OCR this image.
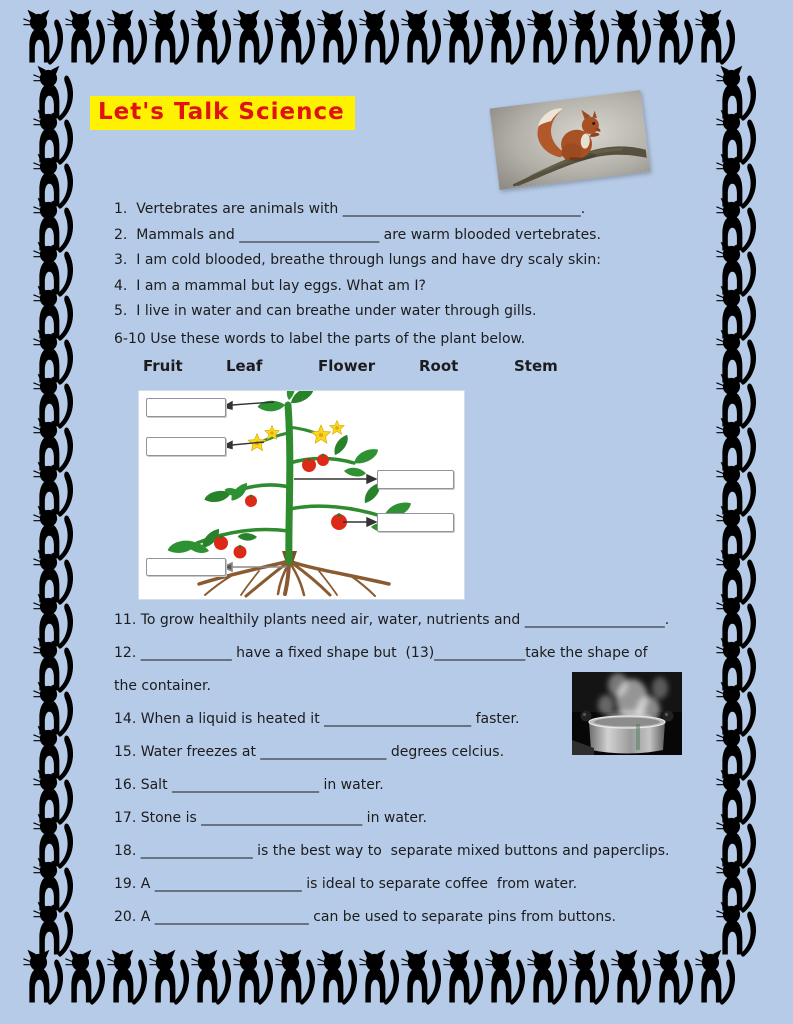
Let's Talk Science
1.  Vertebrates are animals with __________________________________.
2.  Mammals and ____________________ are warm blooded vertebrates.
3.  I am cold blooded, breathe through lungs and have dry scaly skin:
4.  I am a mammal but lay eggs. What am I?
5.  I live in water and can breathe under water through gills.
6-10 Use these words to label the parts of the plant below.
Fruit	Leaf	Flower	Root	Stem
11. To grow healthily plants need air, water, nutrients and ____________________.
12. _____________ have a fixed shape but  (13)_____________take the shape of
the container.
14. When a liquid is heated it _____________________ faster.
15. Water freezes at __________________ degrees celcius.
16. Salt _____________________ in water.
17. Stone is _______________________ in water.
18. ________________ is the best way to  separate mixed buttons and paperclips.
19. A _____________________ is ideal to separate coffee  from water.
20. A ______________________ can be used to separate pins from buttons.
